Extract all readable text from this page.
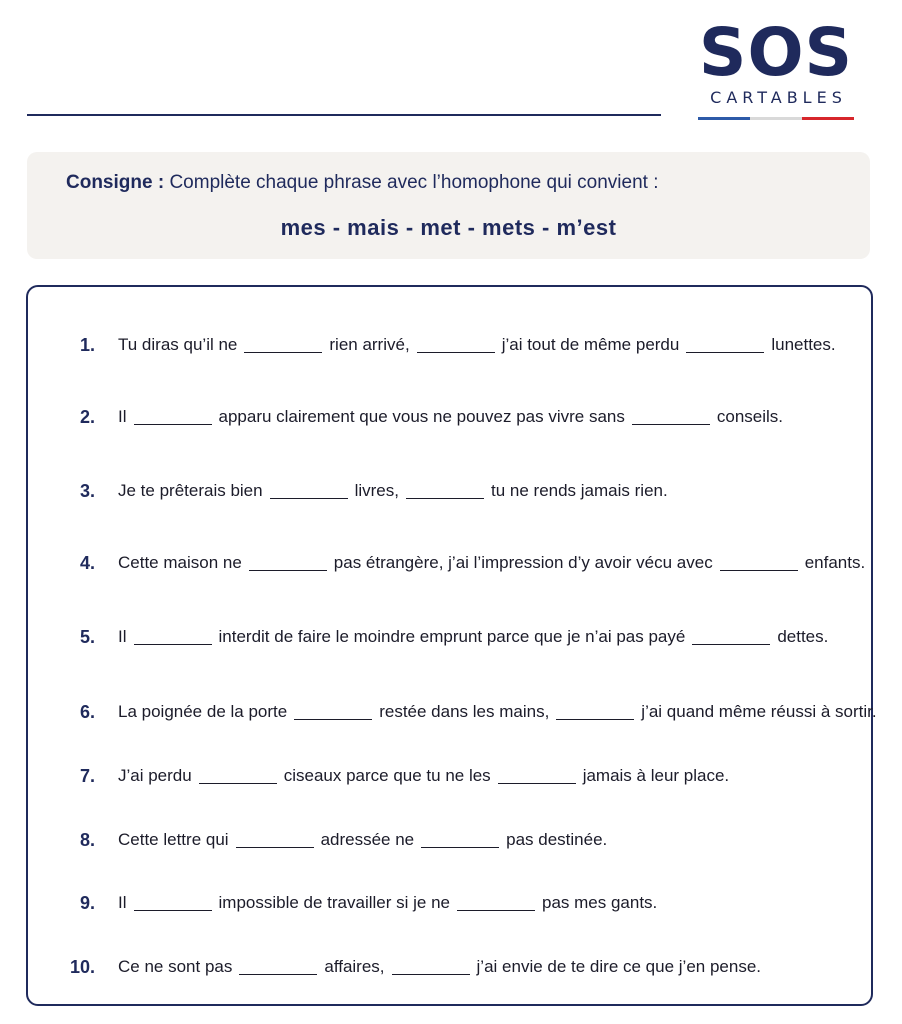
SOS
CARTABLES
Consigne : Complète chaque phrase avec l’homophone qui convient :
mes - mais - met - mets - m’est
1. Tu diras qu’il ne	rien arrivé,	j’ai tout de même perdu	lunettes.
2. Il	apparu clairement que vous ne pouvez pas vivre sans	conseils.
3. Je te prêterais bien	livres,	tu ne rends jamais rien.
4. Cette maison ne	pas étrangère, j’ai l’impression d’y avoir vécu avec	enfants.
5. Il	interdit de faire le moindre emprunt parce que je n’ai pas payé	dettes.
6. La poignée de la porte	restée dans les mains,	j’ai quand même réussi à sortir.
7. J’ai perdu	ciseaux parce que tu ne les	jamais à leur place.
8. Cette lettre qui	adressée ne	pas destinée.
9. Il	impossible de travailler si je ne	pas mes gants.
10. Ce ne sont pas	affaires,	j’ai envie de te dire ce que j’en pense.
